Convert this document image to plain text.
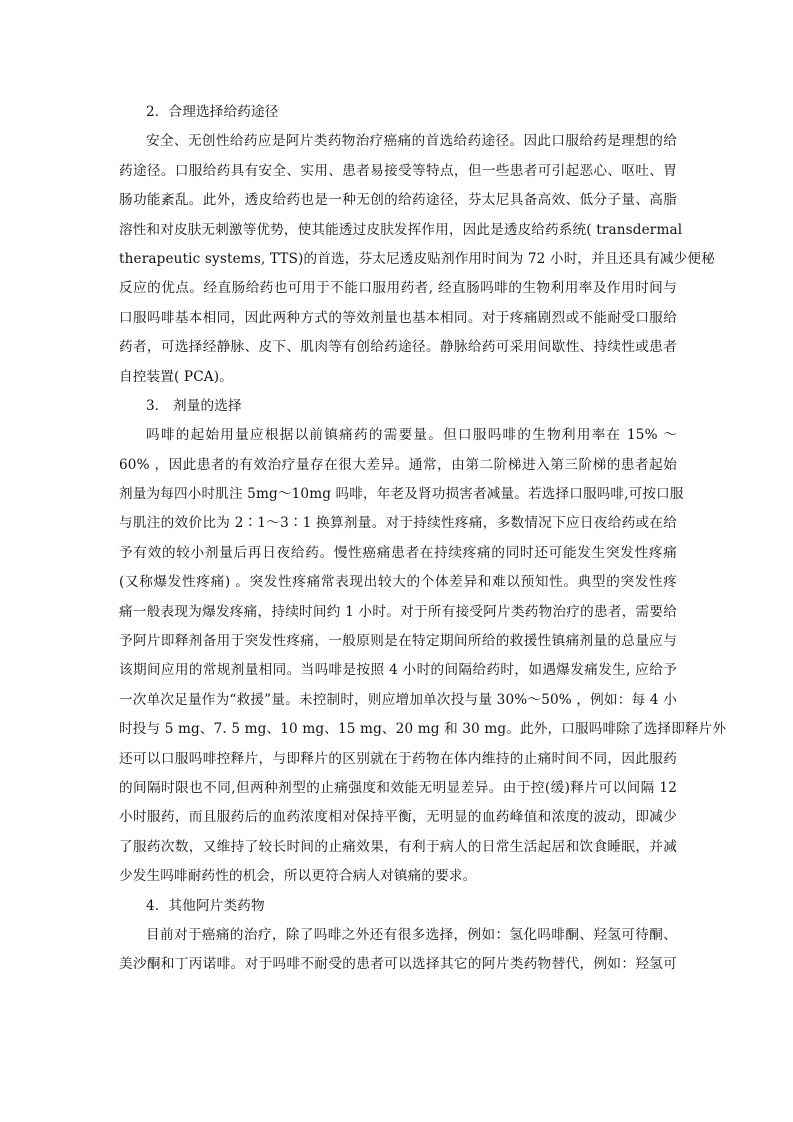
2．合理选择给药途径
安全、无创性给药应是阿片类药物治疗癌痛的首选给药途径。因此口服给药是理想的给
药途径。口服给药具有安全、实用、患者易接受等特点，但一些患者可引起恶心、呕吐、胃
肠功能紊乱。此外，透皮给药也是一种无创的给药途径，芬太尼具备高效、低分子量、高脂
溶性和对皮肤无刺激等优势，使其能透过皮肤发挥作用，因此是透皮给药系统( transdermal
therapeutic systems, TTS)的首选，芬太尼透皮贴剂作用时间为 72 小时，并且还具有减少便秘
反应的优点。经直肠给药也可用于不能口服用药者, 经直肠吗啡的生物利用率及作用时间与
口服吗啡基本相同，因此两种方式的等效剂量也基本相同。对于疼痛剧烈或不能耐受口服给
药者，可选择经静脉、皮下、肌肉等有创给药途径。静脉给药可采用间歇性、持续性或患者
自控装置( PCA)。
3． 剂量的选择
吗啡的起始用量应根据以前镇痛药的需要量。但口服吗啡的生物利用率在 15% ～
60% ，因此患者的有效治疗量存在很大差异。通常，由第二阶梯进入第三阶梯的患者起始
剂量为每四小时肌注 5mg～10mg 吗啡，年老及肾功损害者减量。若选择口服吗啡,可按口服
与肌注的效价比为 2∶1～3∶1 换算剂量。对于持续性疼痛，多数情况下应日夜给药或在给
予有效的较小剂量后再日夜给药。慢性癌痛患者在持续疼痛的同时还可能发生突发性疼痛
(又称爆发性疼痛) 。突发性疼痛常表现出较大的个体差异和难以预知性。典型的突发性疼
痛一般表现为爆发疼痛，持续时间约 1 小时。对于所有接受阿片类药物治疗的患者，需要给
予阿片即释剂备用于突发性疼痛，一般原则是在特定期间所给的救援性镇痛剂量的总量应与
该期间应用的常规剂量相同。当吗啡是按照 4 小时的间隔给药时，如遇爆发痛发生, 应给予
一次单次足量作为“救援”量。未控制时，则应增加单次投与量 30%～50% ，例如：每 4 小
时投与 5 mg、7. 5 mg、10 mg、15 mg、20 mg 和 30 mg。此外，口服吗啡除了选择即释片外
还可以口服吗啡控释片，与即释片的区别就在于药物在体内维持的止痛时间不同，因此服药
的间隔时限也不同,但两种剂型的止痛强度和效能无明显差异。由于控(缓)释片可以间隔 12
小时服药，而且服药后的血药浓度相对保持平衡，无明显的血药峰值和浓度的波动，即减少
了服药次数，又维持了较长时间的止痛效果，有利于病人的日常生活起居和饮食睡眠，并减
少发生吗啡耐药性的机会，所以更符合病人对镇痛的要求。
4．其他阿片类药物
目前对于癌痛的治疗，除了吗啡之外还有很多选择，例如：氢化吗啡酮、羟氢可待酮、
美沙酮和丁丙诺啡。对于吗啡不耐受的患者可以选择其它的阿片类药物替代，例如：羟氢可
